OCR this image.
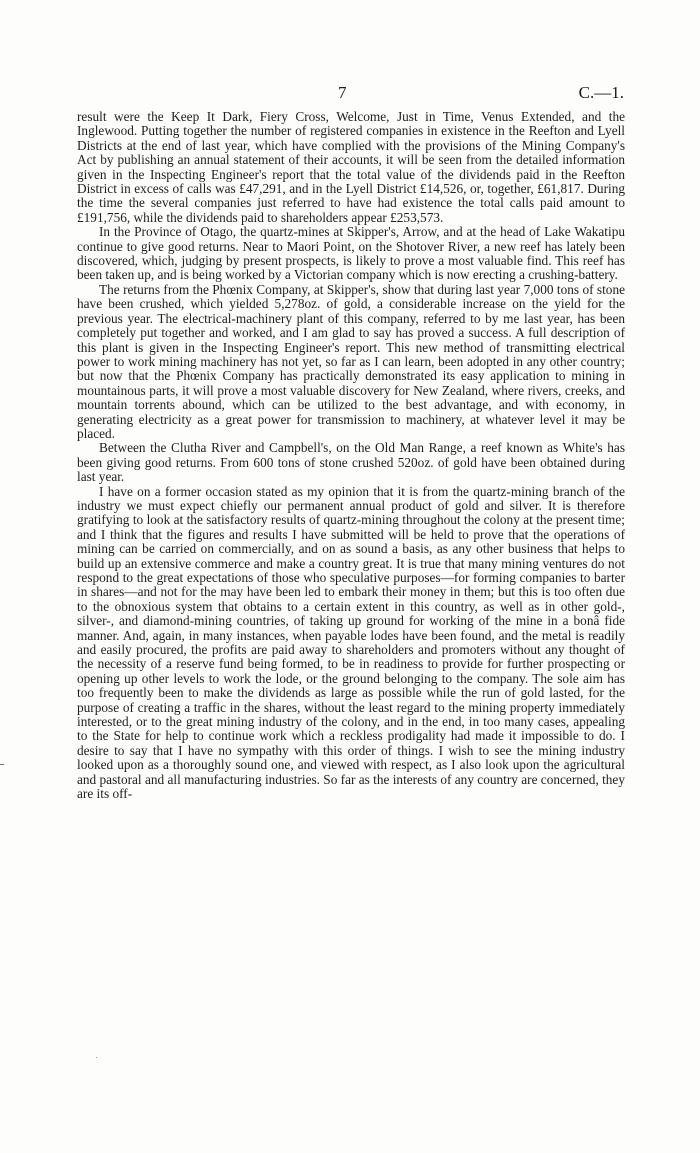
7	C.—1.

result were the Keep It Dark, Fiery Cross, Welcome, Just in Time, Venus Extended, and the Inglewood. Putting together the number of registered companies in existence in the Reefton and Lyell Districts at the end of last year, which have complied with the provisions of the Mining Company's Act by publishing an annual statement of their accounts, it will be seen from the detailed information given in the Inspecting Engineer's report that the total value of the dividends paid in the Reefton District in excess of calls was £47,291, and in the Lyell District £14,526, or, together, £61,817. During the time the several companies just referred to have had existence the total calls paid amount to £191,756, while the dividends paid to shareholders appear £253,573.

In the Province of Otago, the quartz-mines at Skipper's, Arrow, and at the head of Lake Wakatipu continue to give good returns. Near to Maori Point, on the Shotover River, a new reef has lately been discovered, which, judging by present prospects, is likely to prove a most valuable find. This reef has been taken up, and is being worked by a Victorian company which is now erecting a crushing-battery.

The returns from the Phœnix Company, at Skipper's, show that during last year 7,000 tons of stone have been crushed, which yielded 5,278oz. of gold, a considerable increase on the yield for the previous year. The electrical-machinery plant of this company, referred to by me last year, has been completely put together and worked, and I am glad to say has proved a success. A full description of this plant is given in the Inspecting Engineer's report. This new method of transmitting electrical power to work mining machinery has not yet, so far as I can learn, been adopted in any other country; but now that the Phœnix Company has practically demonstrated its easy application to mining in mountainous parts, it will prove a most valuable discovery for New Zealand, where rivers, creeks, and mountain torrents abound, which can be utilized to the best advantage, and with economy, in generating electricity as a great power for transmission to machinery, at whatever level it may be placed.

Between the Clutha River and Campbell's, on the Old Man Range, a reef known as White's has been giving good returns. From 600 tons of stone crushed 520oz. of gold have been obtained during last year.

I have on a former occasion stated as my opinion that it is from the quartz-mining branch of the industry we must expect chiefly our permanent annual product of gold and silver. It is therefore gratifying to look at the satisfactory results of quartz-mining throughout the colony at the present time; and I think that the figures and results I have submitted will be held to prove that the operations of mining can be carried on commercially, and on as sound a basis, as any other business that helps to build up an extensive commerce and make a country great. It is true that many mining ventures do not respond to the great expectations of those who speculative purposes—for forming companies to barter in shares—and not for the may have been led to embark their money in them; but this is too often due to the obnoxious system that obtains to a certain extent in this country, as well as in other gold-, silver-, and diamond-mining countries, of taking up ground for working of the mine in a bonâ fide manner. And, again, in many instances, when payable lodes have been found, and the metal is readily and easily procured, the profits are paid away to shareholders and promoters without any thought of the necessity of a reserve fund being formed, to be in readiness to provide for further prospecting or opening up other levels to work the lode, or the ground belonging to the company. The sole aim has too frequently been to make the dividends as large as possible while the run of gold lasted, for the purpose of creating a traffic in the shares, without the least regard to the mining property immediately interested, or to the great mining industry of the colony, and in the end, in too many cases, appealing to the State for help to continue work which a reckless prodigality had made it impossible to do. I desire to say that I have no sympathy with this order of things. I wish to see the mining industry looked upon as a thoroughly sound one, and viewed with respect, as I also look upon the agricultural and pastoral and all manufacturing industries. So far as the interests of any country are concerned, they are its off-
